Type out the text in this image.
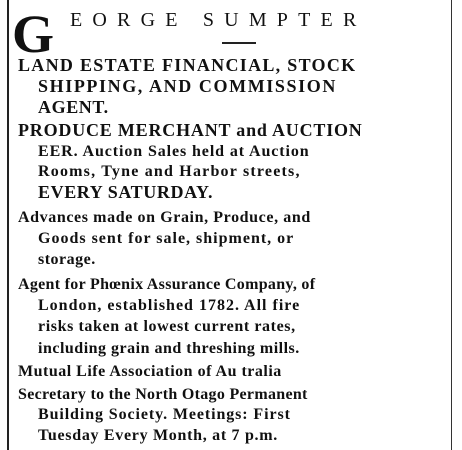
G EORGE SUMPTER
LAND ESTATE FINANCIAL, STOCK
SHIPPING, AND COMMISSION
AGENT.
PRODUCE MERCHANT and AUCTION
EER. Auction Sales held at Auction
Rooms, Tyne and Harbor streets,
EVERY SATURDAY.
Advances made on Grain, Produce, and
Goods sent for sale, shipment, or
storage.
Agent for Phœnix Assurance Company, of
London, established 1782. All fire
risks taken at lowest current rates,
including grain and threshing mills.
Mutual Life Association of Au tralia
Secretary to the North Otago Permanent
Building Society. Meetings: First
Tuesday Every Month, at 7 p.m.
